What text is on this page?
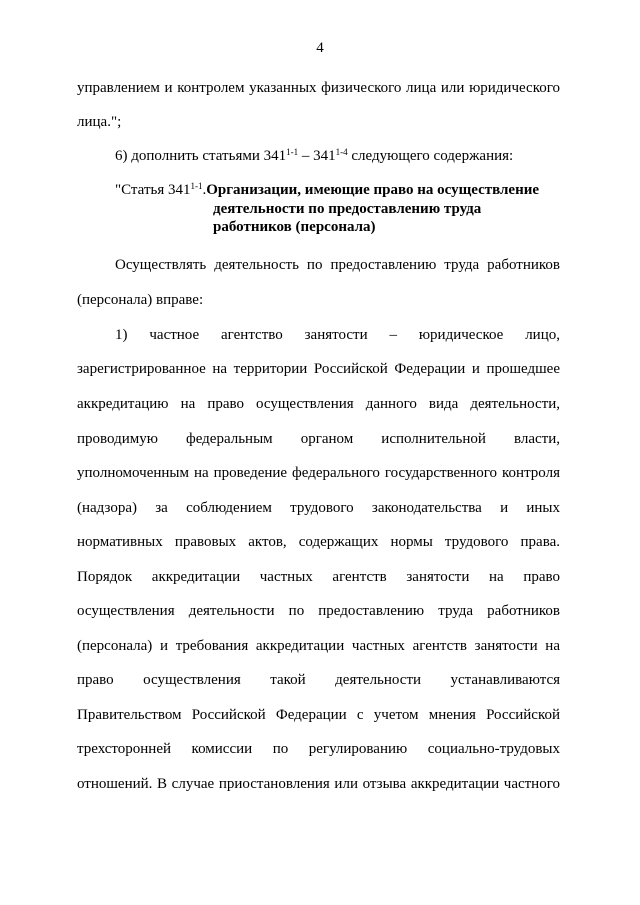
4
управлением и контролем указанных физического лица или юридического
лица.";
6) дополнить статьями 341$^{1-1}$ – 341$^{1-4}$ следующего содержания:
"Статья 341$^{1-1}$.Организации, имеющие право на осуществление
деятельности по предоставлению труда
работников (персонала)
Осуществлять деятельность по предоставлению труда работников
(персонала) вправе:
1) частное агентство занятости – юридическое лицо,
зарегистрированное на территории Российской Федерации и прошедшее
аккредитацию на право осуществления данного вида деятельности,
проводимую федеральным органом исполнительной власти,
уполномоченным на проведение федерального государственного контроля
(надзора) за соблюдением трудового законодательства и иных
нормативных правовых актов, содержащих нормы трудового права.
Порядок аккредитации частных агентств занятости на право
осуществления деятельности по предоставлению труда работников
(персонала) и требования аккредитации частных агентств занятости на
право осуществления такой деятельности устанавливаются
Правительством Российской Федерации с учетом мнения Российской
трехсторонней комиссии по регулированию социально-трудовых
отношений. В случае приостановления или отзыва аккредитации частного
